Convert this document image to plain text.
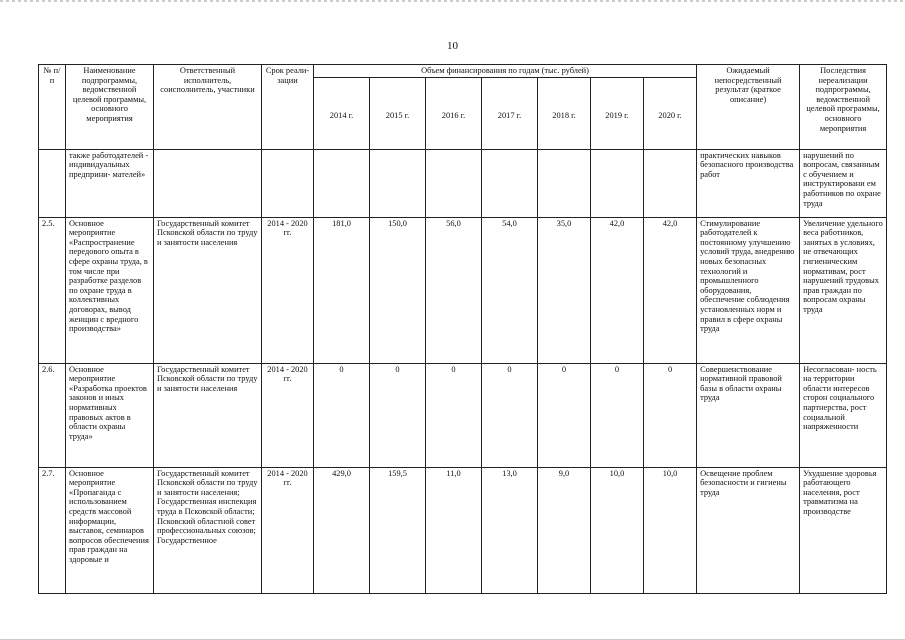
10
№ п/п	Наименование подпрограммы, ведомственной целевой программы, основного мероприятия	Ответственный исполнитель, соисполнитель, участники	Срок реали- зации	Объем финансирования по годам (тыс. рублей)							Ожидаемый непосредственный результат (краткое описание)	Последствия нереализации подпрограммы, ведомственной целевой программы, основного мероприятия
				2014 г.	2015 г.	2016 г.	2017 г.	2018 г.	2019 г.	2020 г.		
	также работодателей - индивидуальных предприни- мателей»										практических навыков безопасного производства работ	нарушений по вопросам, связанным с обучением и инструктировани ем работников по охране труда
2.5.	Основное мероприятие «Распространение передового опыта в сфере охраны труда, в том числе при разработке разделов по охране труда в коллективных договорах, вывод женщин с вредного производства»	Государственный комитет Псковской области по труду и занятости населения	2014 - 2020 гг.	181,0	150,0	56,0	54,0	35,0	42,0	42,0	Стимулирование работодателей к постоянному улучшению условий труда, внедрению новых безопасных технологий и промышленного оборудования, обеспечение соблюдения установленных норм и правил в сфере охраны труда	Увеличение удельного веса работников, занятых в условиях, не отвечающих гигиеническим нормативам, рост нарушений трудовых прав граждан по вопросам охраны труда
2.6.	Основное мероприятие «Разработка проектов законов и иных нормативных правовых актов в области охраны труда»	Государственный комитет Псковской области по труду и занятости населения	2014 - 2020 гг.	0	0	0	0	0	0	0	Совершенствование нормативной правовой базы в области охраны труда	Несогласован- ность на территории области интересов сторон социального партнерства, рост социальной напряженности
2.7.	Основное мероприятие «Пропаганда с использованием средств массовой информации, выставок, семинаров вопросов обеспечения прав граждан на здоровые и	Государственный комитет Псковской области по труду и занятости населения; Государственная инспекция труда в Псковской области; Псковский областной совет профессиональных союзов; Государственное	2014 - 2020 гг.	429,0	159,5	11,0	13,0	9,0	10,0	10,0	Освещение проблем безопасности и гигиены труда	Ухудшение здоровья работающего населения, рост травматизма на производстве
